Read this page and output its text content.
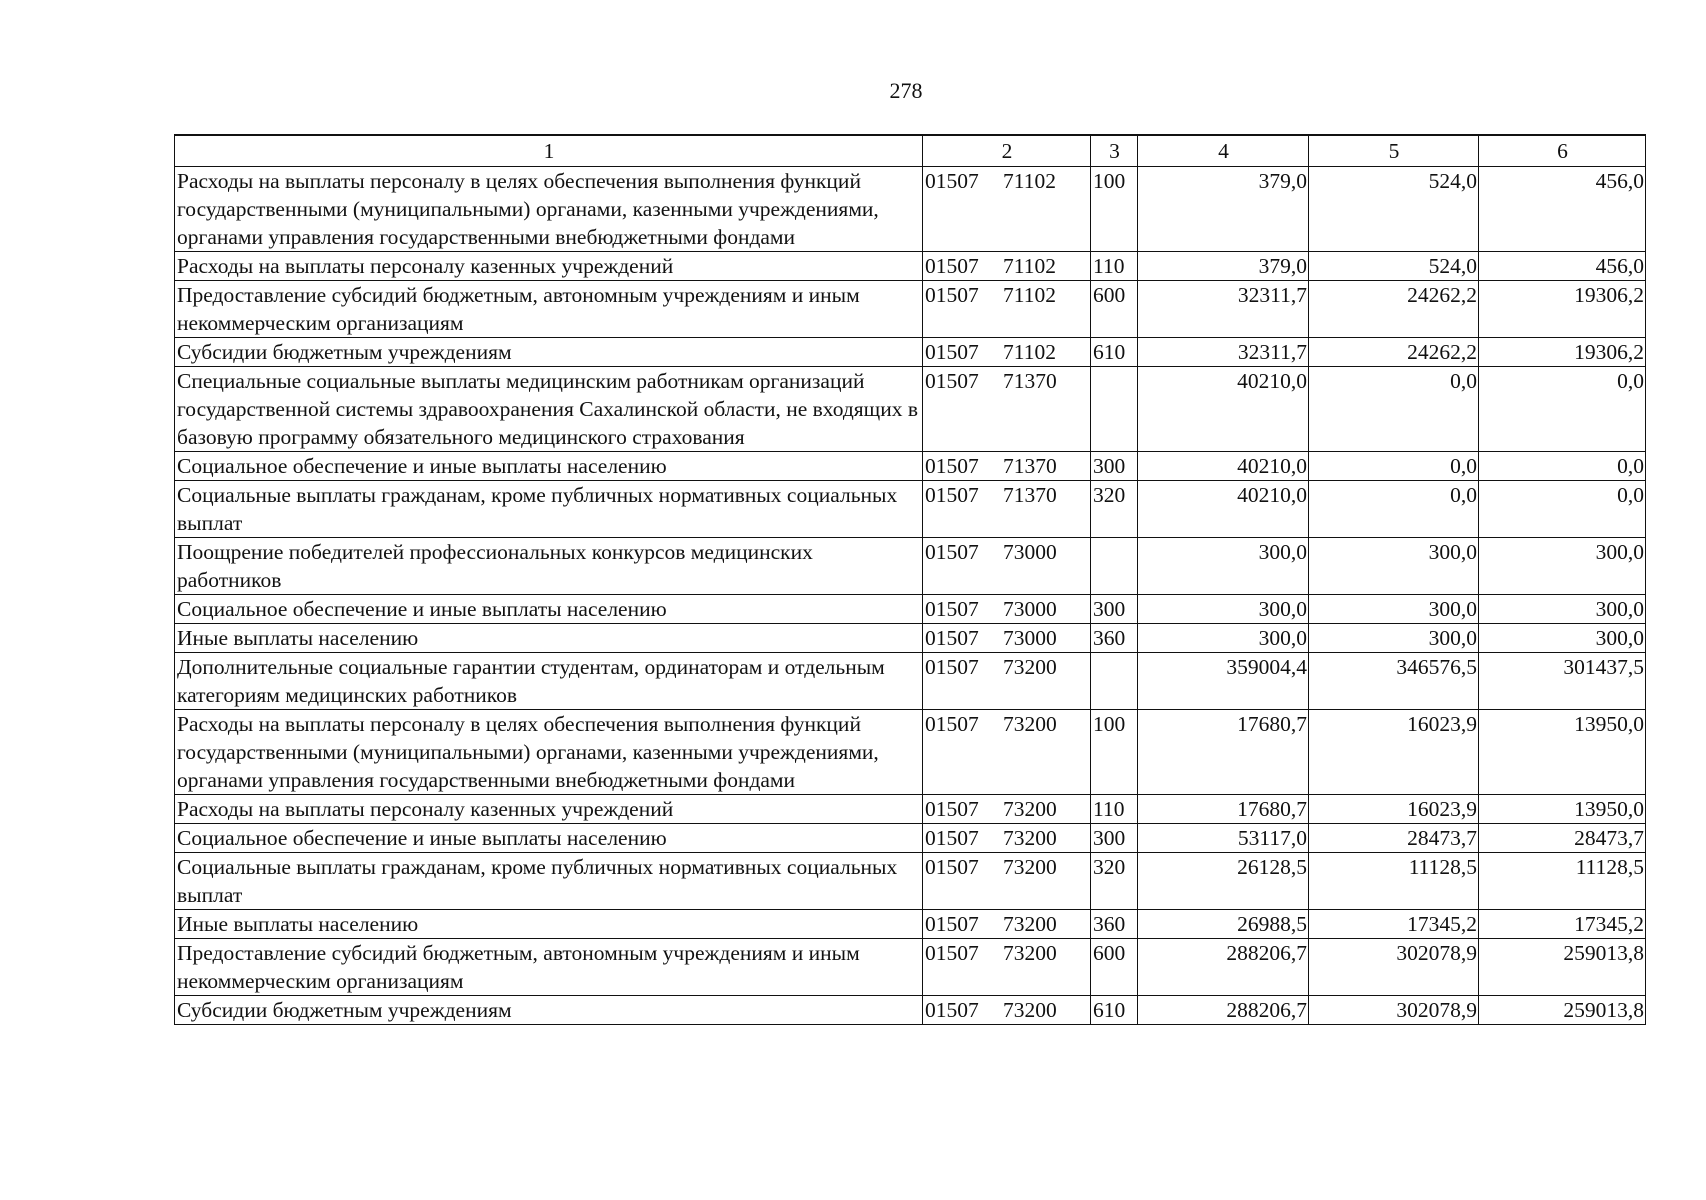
278
1	2	3	4	5	6
Расходы на выплаты персоналу в целях обеспечения выполнения функций государственными (муниципальными) органами, казенными учреждениями, органами управления государственными внебюджетными фондами	01507 71102	100	379,0	524,0	456,0
Расходы на выплаты персоналу казенных учреждений	01507 71102	110	379,0	524,0	456,0
Предоставление субсидий бюджетным, автономным учреждениям и иным некоммерческим организациям	01507 71102	600	32311,7	24262,2	19306,2
Субсидии бюджетным учреждениям	01507 71102	610	32311,7	24262,2	19306,2
Специальные социальные выплаты медицинским работникам организаций государственной системы здравоохранения Сахалинской области, не входящих в базовую программу обязательного медицинского страхования	01507 71370		40210,0	0,0	0,0
Социальное обеспечение и иные выплаты населению	01507 71370	300	40210,0	0,0	0,0
Социальные выплаты гражданам, кроме публичных нормативных социальных выплат	01507 71370	320	40210,0	0,0	0,0
Поощрение победителей профессиональных конкурсов медицинских работников	01507 73000		300,0	300,0	300,0
Социальное обеспечение и иные выплаты населению	01507 73000	300	300,0	300,0	300,0
Иные выплаты населению	01507 73000	360	300,0	300,0	300,0
Дополнительные социальные гарантии студентам, ординаторам и отдельным категориям медицинских работников	01507 73200		359004,4	346576,5	301437,5
Расходы на выплаты персоналу в целях обеспечения выполнения функций государственными (муниципальными) органами, казенными учреждениями, органами управления государственными внебюджетными фондами	01507 73200	100	17680,7	16023,9	13950,0
Расходы на выплаты персоналу казенных учреждений	01507 73200	110	17680,7	16023,9	13950,0
Социальное обеспечение и иные выплаты населению	01507 73200	300	53117,0	28473,7	28473,7
Социальные выплаты гражданам, кроме публичных нормативных социальных выплат	01507 73200	320	26128,5	11128,5	11128,5
Иные выплаты населению	01507 73200	360	26988,5	17345,2	17345,2
Предоставление субсидий бюджетным, автономным учреждениям и иным некоммерческим организациям	01507 73200	600	288206,7	302078,9	259013,8
Субсидии бюджетным учреждениям	01507 73200	610	288206,7	302078,9	259013,8
